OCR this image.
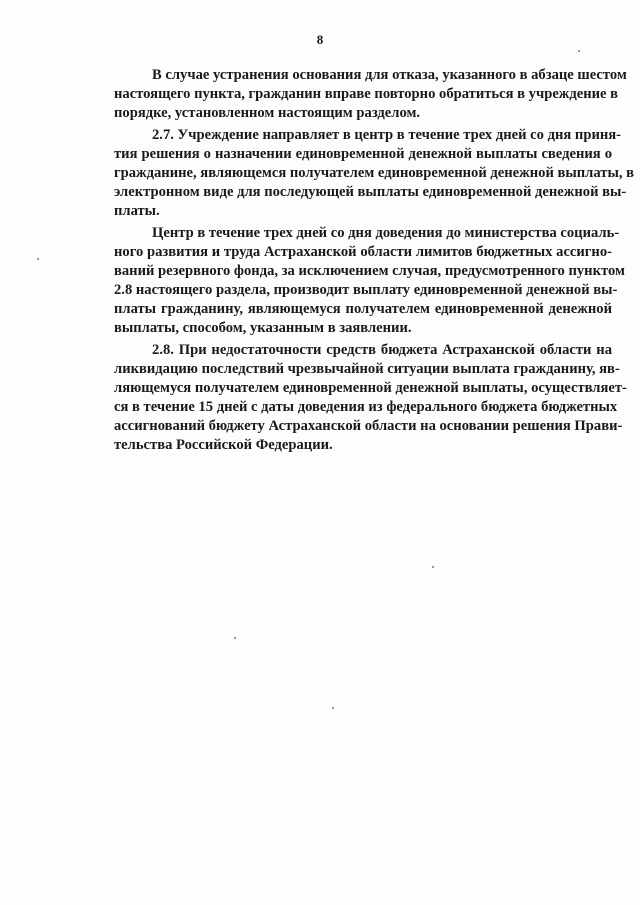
8
В случае устранения основания для отказа, указанного в абзаце шестом
настоящего пункта, гражданин вправе повторно обратиться в учреждение в
порядке, установленном настоящим разделом.
2.7. Учреждение направляет в центр в течение трех дней со дня приня-
тия решения о назначении единовременной денежной выплаты сведения о
гражданине, являющемся получателем единовременной денежной выплаты, в
электронном виде для последующей выплаты единовременной денежной вы-
платы.
Центр в течение трех дней со дня доведения до министерства социаль-
ного развития и труда Астраханской области лимитов бюджетных ассигно-
ваний резервного фонда, за исключением случая, предусмотренного пунктом
2.8 настоящего раздела, производит выплату единовременной денежной вы-
платы гражданину, являющемуся получателем единовременной денежной
выплаты, способом, указанным в заявлении.
2.8. При недостаточности средств бюджета Астраханской области на
ликвидацию последствий чрезвычайной ситуации выплата гражданину, яв-
ляющемуся получателем единовременной денежной выплаты, осуществляет-
ся в течение 15 дней с даты доведения из федерального бюджета бюджетных
ассигнований бюджету Астраханской области на основании решения Прави-
тельства Российской Федерации.
